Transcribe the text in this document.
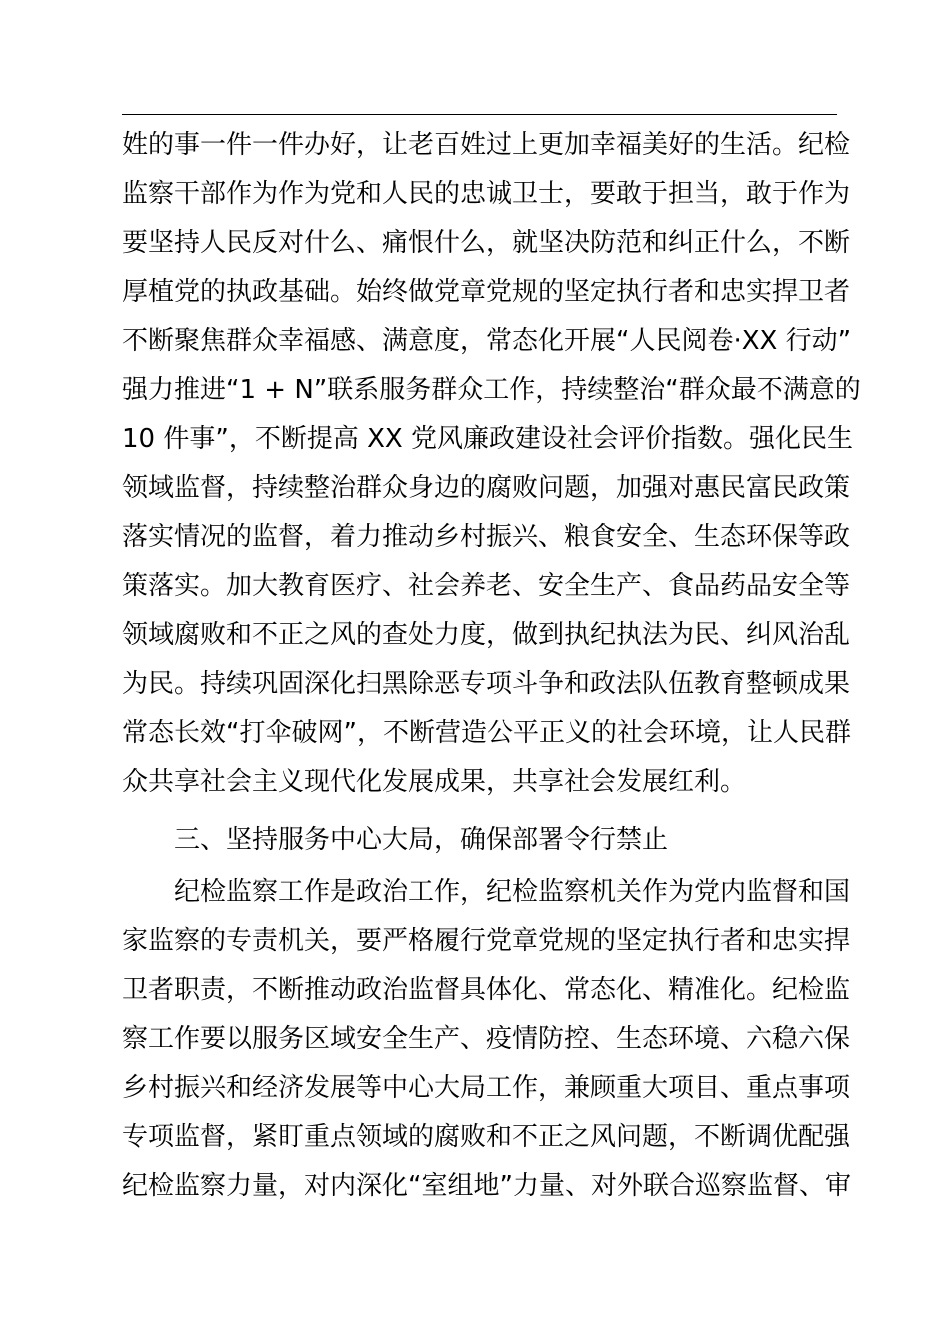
姓的事一件一件办好，让老百姓过上更加幸福美好的生活。纪检
监察干部作为作为党和人民的忠诚卫士，要敢于担当，敢于作为
要坚持人民反对什么、痛恨什么，就坚决防范和纠正什么，不断
厚植党的执政基础。始终做党章党规的坚定执行者和忠实捍卫者
不断聚焦群众幸福感、满意度，常态化开展“人民阅卷·XX 行动”
强力推进“1 + N”联系服务群众工作，持续整治“群众最不满意的
10 件事”，不断提高 XX 党风廉政建设社会评价指数。强化民生
领域监督，持续整治群众身边的腐败问题，加强对惠民富民政策
落实情况的监督，着力推动乡村振兴、粮食安全、生态环保等政
策落实。加大教育医疗、社会养老、安全生产、食品药品安全等
领域腐败和不正之风的查处力度，做到执纪执法为民、纠风治乱
为民。持续巩固深化扫黑除恶专项斗争和政法队伍教育整顿成果
常态长效“打伞破网”，不断营造公平正义的社会环境，让人民群
众共享社会主义现代化发展成果，共享社会发展红利。
三、坚持服务中心大局，确保部署令行禁止
纪检监察工作是政治工作，纪检监察机关作为党内监督和国
家监察的专责机关，要严格履行党章党规的坚定执行者和忠实捍
卫者职责，不断推动政治监督具体化、常态化、精准化。纪检监
察工作要以服务区域安全生产、疫情防控、生态环境、六稳六保
乡村振兴和经济发展等中心大局工作，兼顾重大项目、重点事项
专项监督，紧盯重点领域的腐败和不正之风问题，不断调优配强
纪检监察力量，对内深化“室组地”力量、对外联合巡察监督、审
